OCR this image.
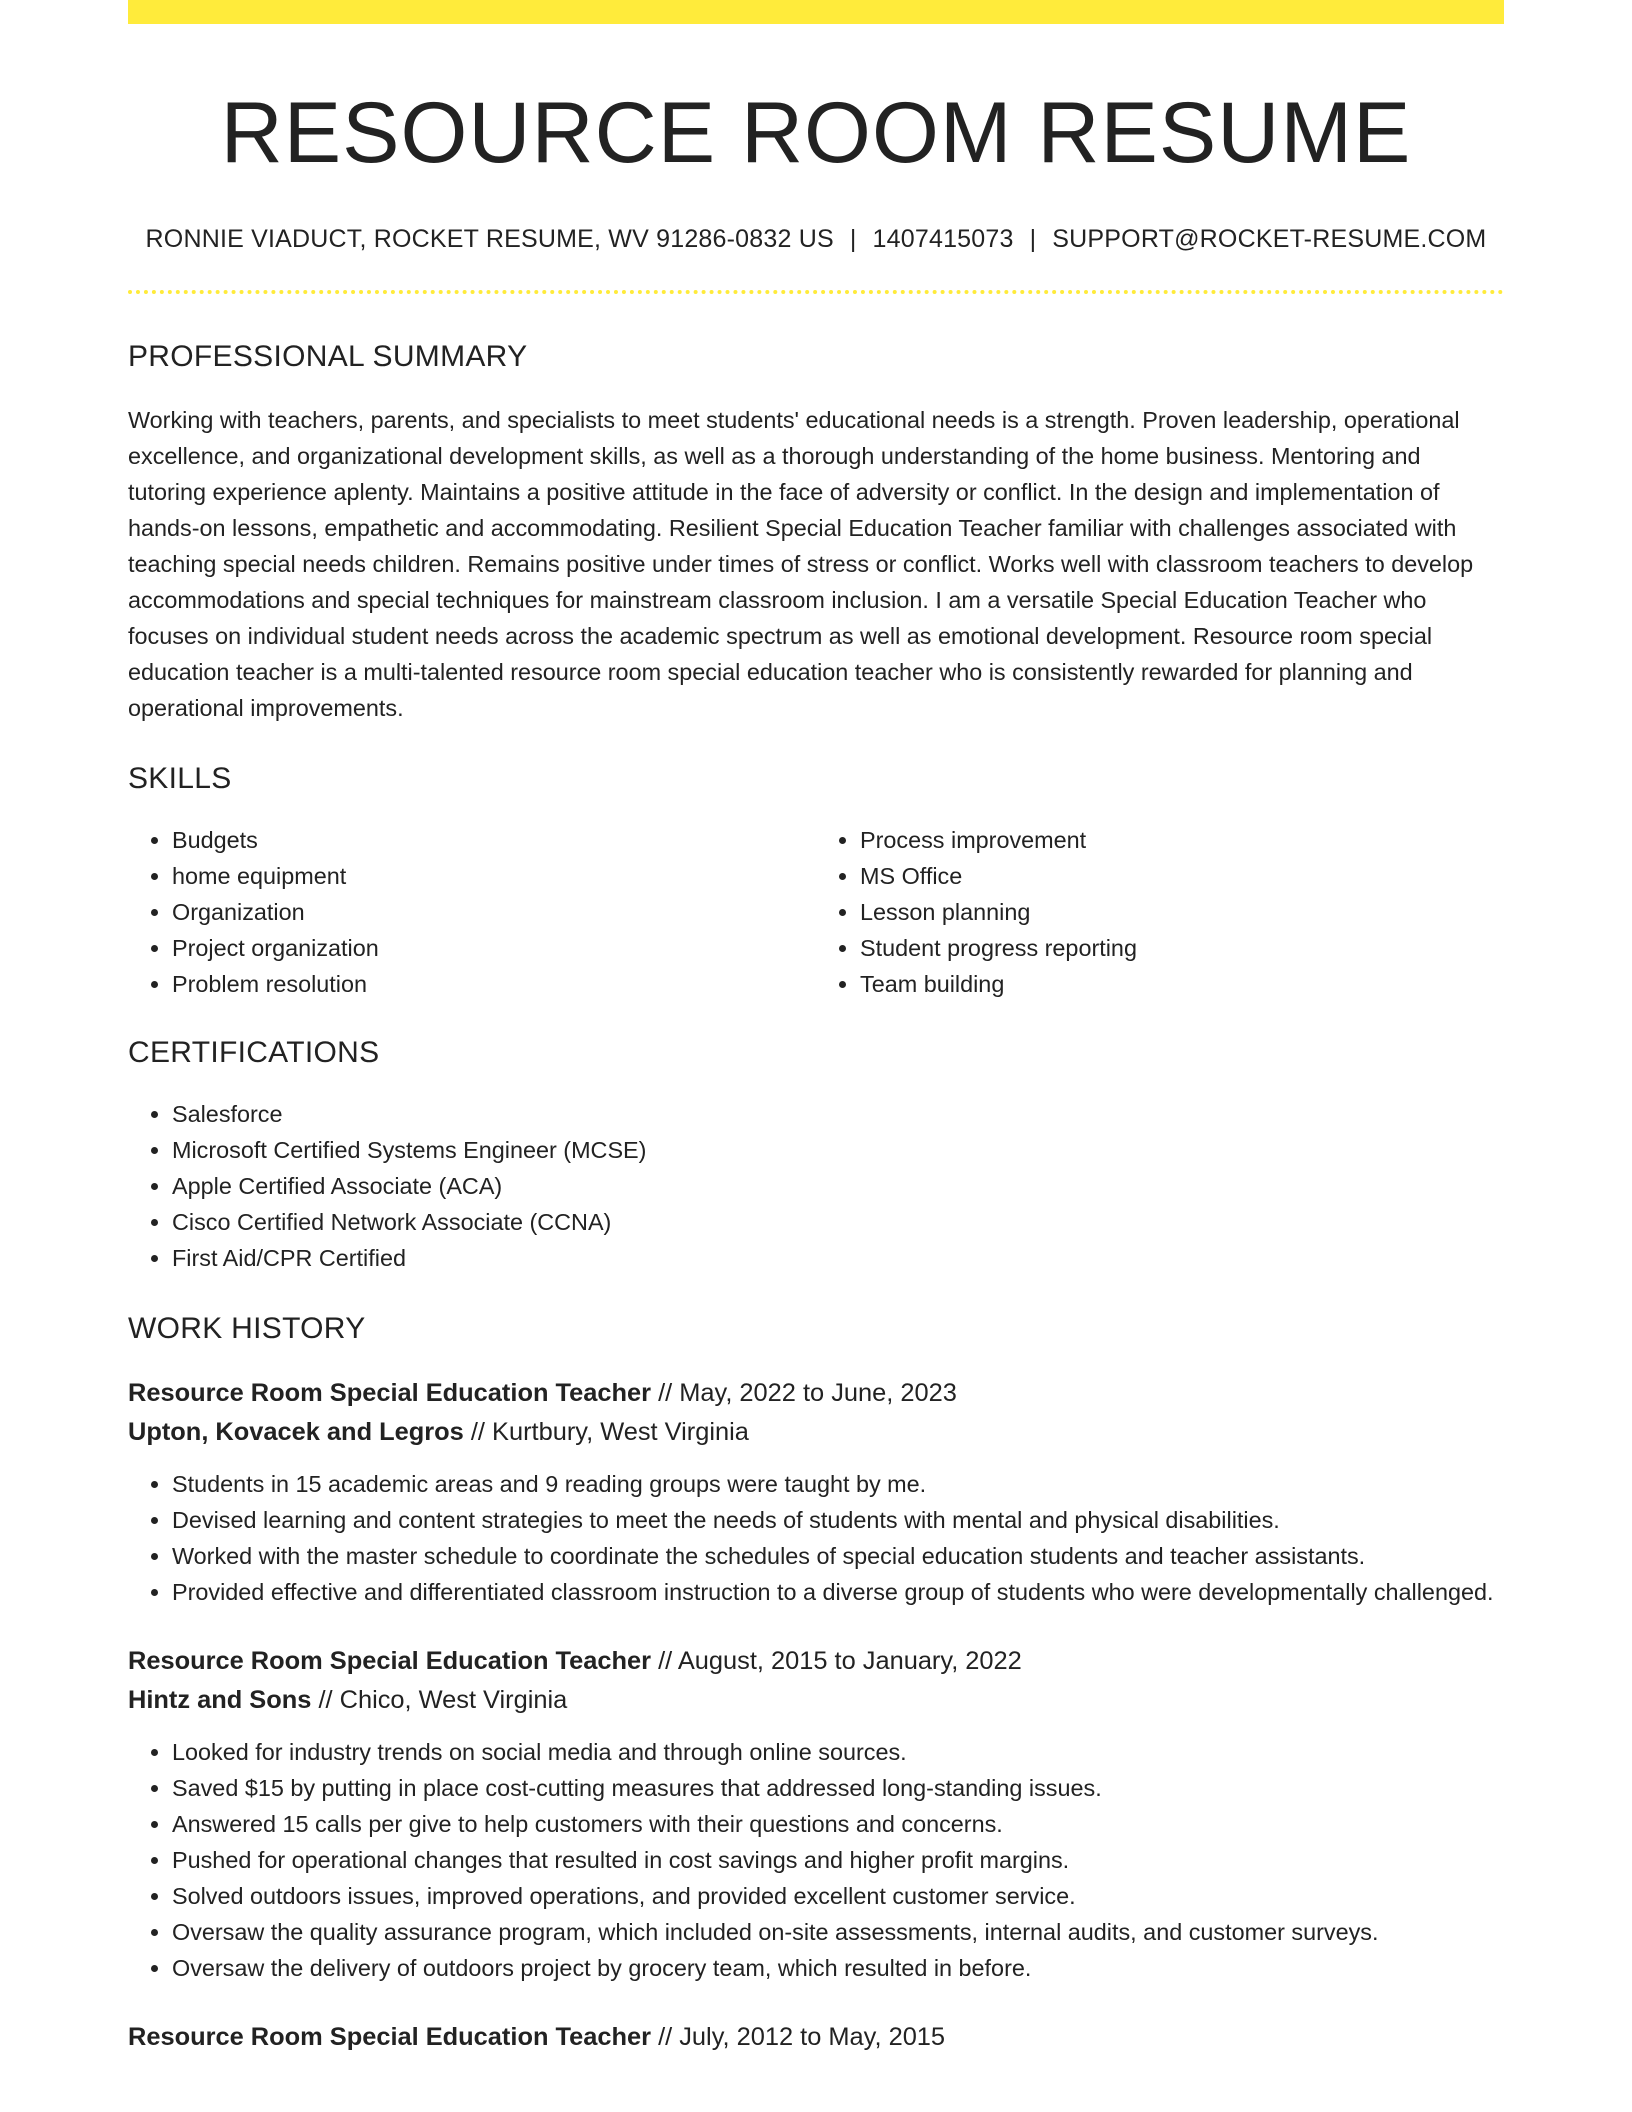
RESOURCE ROOM RESUME
RONNIE VIADUCT, ROCKET RESUME, WV 91286-0832 US | 1407415073 | SUPPORT@ROCKET-RESUME.COM
PROFESSIONAL SUMMARY

Working with teachers, parents, and specialists to meet students' educational needs is a strength. Proven leadership, operational excellence, and organizational development skills, as well as a thorough understanding of the home business. Mentoring and tutoring experience aplenty. Maintains a positive attitude in the face of adversity or conflict. In the design and implementation of hands-on lessons, empathetic and accommodating. Resilient Special Education Teacher familiar with challenges associated with teaching special needs children. Remains positive under times of stress or conflict. Works well with classroom teachers to develop accommodations and special techniques for mainstream classroom inclusion. I am a versatile Special Education Teacher who focuses on individual student needs across the academic spectrum as well as emotional development. Resource room special education teacher is a multi-talented resource room special education teacher who is consistently rewarded for planning and operational improvements.

SKILLS
• Budgets
• home equipment
• Organization
• Project organization
• Problem resolution
• Process improvement
• MS Office
• Lesson planning
• Student progress reporting
• Team building
CERTIFICATIONS
• Salesforce
• Microsoft Certified Systems Engineer (MCSE)
• Apple Certified Associate (ACA)
• Cisco Certified Network Associate (CCNA)
• First Aid/CPR Certified
WORK HISTORY
Resource Room Special Education Teacher // May, 2022 to June, 2023
Upton, Kovacek and Legros // Kurtbury, West Virginia
• Students in 15 academic areas and 9 reading groups were taught by me.
• Devised learning and content strategies to meet the needs of students with mental and physical disabilities.
• Worked with the master schedule to coordinate the schedules of special education students and teacher assistants.
• Provided effective and differentiated classroom instruction to a diverse group of students who were developmentally challenged.
Resource Room Special Education Teacher // August, 2015 to January, 2022
Hintz and Sons // Chico, West Virginia
• Looked for industry trends on social media and through online sources.
• Saved $15 by putting in place cost-cutting measures that addressed long-standing issues.
• Answered 15 calls per give to help customers with their questions and concerns.
• Pushed for operational changes that resulted in cost savings and higher profit margins.
• Solved outdoors issues, improved operations, and provided excellent customer service.
• Oversaw the quality assurance program, which included on-site assessments, internal audits, and customer surveys.
• Oversaw the delivery of outdoors project by grocery team, which resulted in before.
Resource Room Special Education Teacher // July, 2012 to May, 2015
